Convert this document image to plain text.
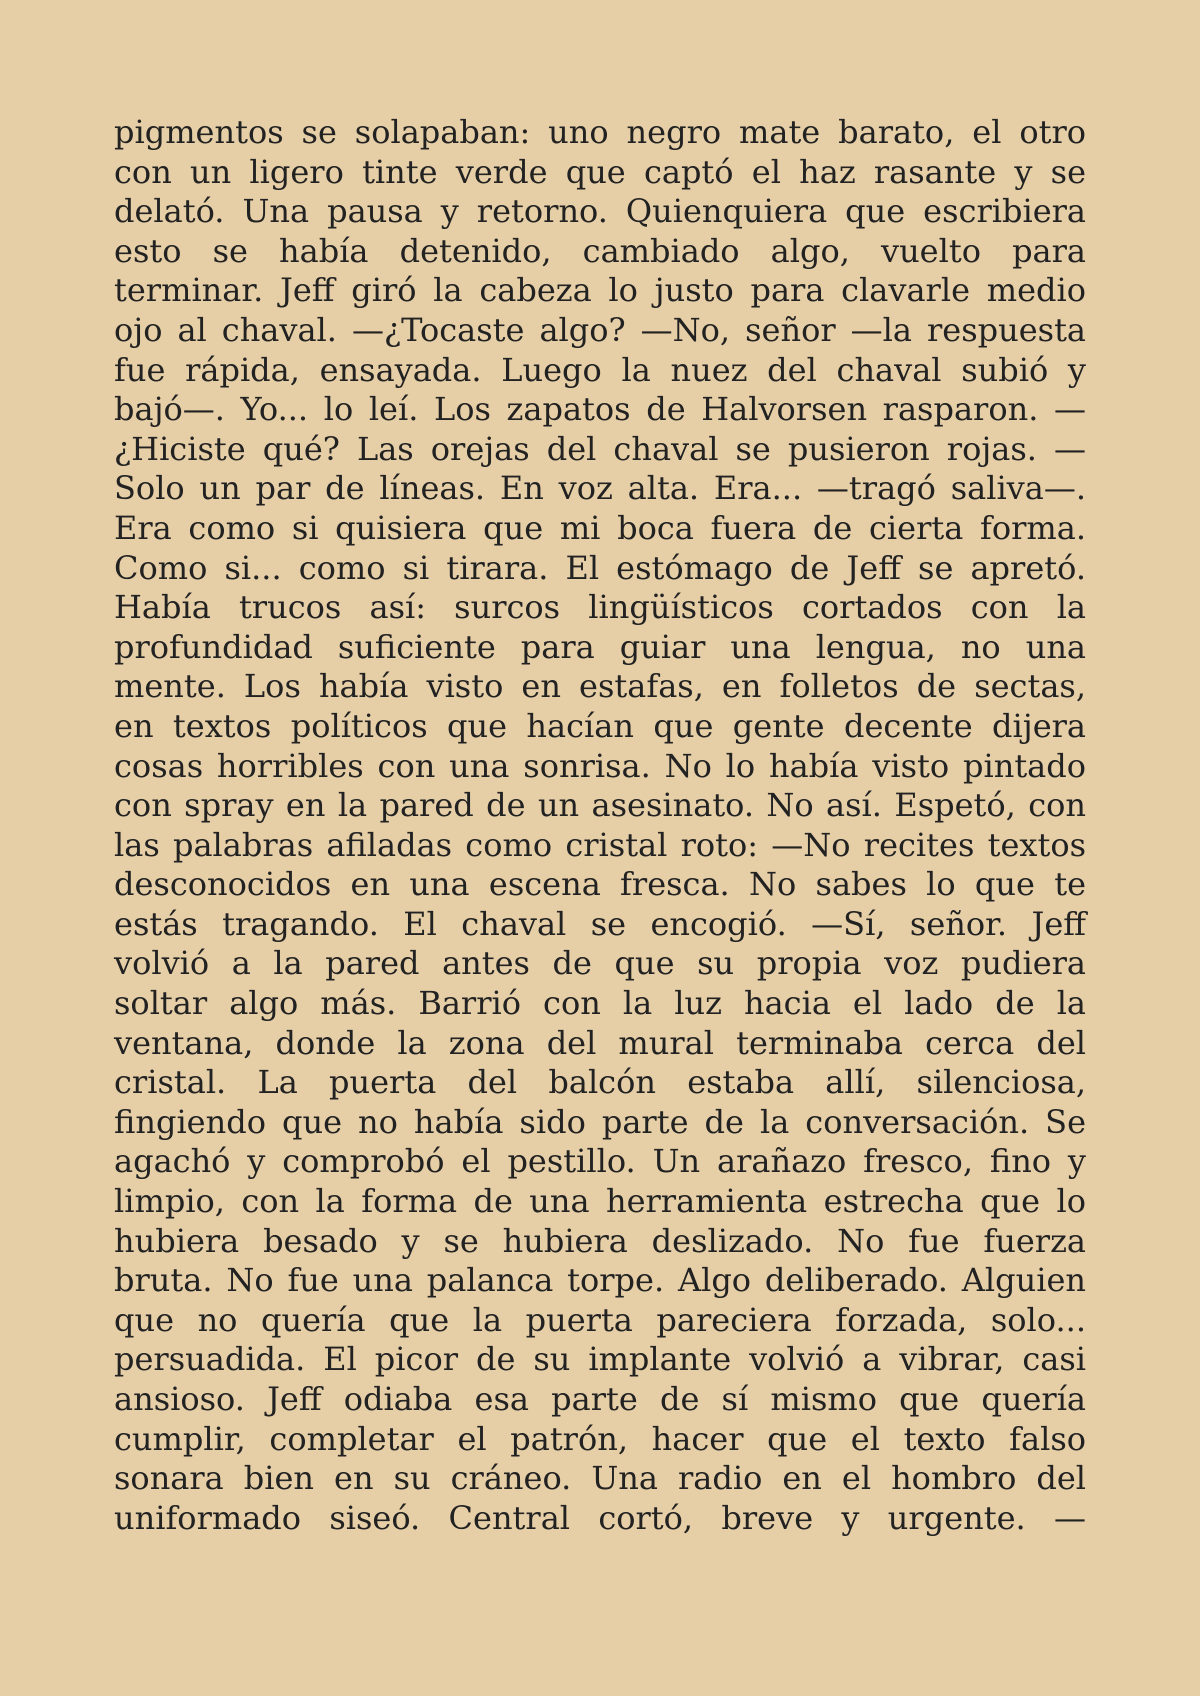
pigmentos se solapaban: uno negro mate barato, el otro
con un ligero tinte verde que captó el haz rasante y se
delató. Una pausa y retorno. Quienquiera que escribiera
esto se había detenido, cambiado algo, vuelto para
terminar. Jeff giró la cabeza lo justo para clavarle medio
ojo al chaval. —¿Tocaste algo? —No, señor —la respuesta
fue rápida, ensayada. Luego la nuez del chaval subió y
bajó—. Yo... lo leí. Los zapatos de Halvorsen rasparon. —
¿Hiciste qué? Las orejas del chaval se pusieron rojas. —
Solo un par de líneas. En voz alta. Era... —tragó saliva—.
Era como si quisiera que mi boca fuera de cierta forma.
Como si... como si tirara. El estómago de Jeff se apretó.
Había trucos así: surcos lingüísticos cortados con la
profundidad suficiente para guiar una lengua, no una
mente. Los había visto en estafas, en folletos de sectas,
en textos políticos que hacían que gente decente dijera
cosas horribles con una sonrisa. No lo había visto pintado
con spray en la pared de un asesinato. No así. Espetó, con
las palabras afiladas como cristal roto: —No recites textos
desconocidos en una escena fresca. No sabes lo que te
estás tragando. El chaval se encogió. —Sí, señor. Jeff
volvió a la pared antes de que su propia voz pudiera
soltar algo más. Barrió con la luz hacia el lado de la
ventana, donde la zona del mural terminaba cerca del
cristal. La puerta del balcón estaba allí, silenciosa,
fingiendo que no había sido parte de la conversación. Se
agachó y comprobó el pestillo. Un arañazo fresco, fino y
limpio, con la forma de una herramienta estrecha que lo
hubiera besado y se hubiera deslizado. No fue fuerza
bruta. No fue una palanca torpe. Algo deliberado. Alguien
que no quería que la puerta pareciera forzada, solo...
persuadida. El picor de su implante volvió a vibrar, casi
ansioso. Jeff odiaba esa parte de sí mismo que quería
cumplir, completar el patrón, hacer que el texto falso
sonara bien en su cráneo. Una radio en el hombro del
uniformado siseó. Central cortó, breve y urgente. —
